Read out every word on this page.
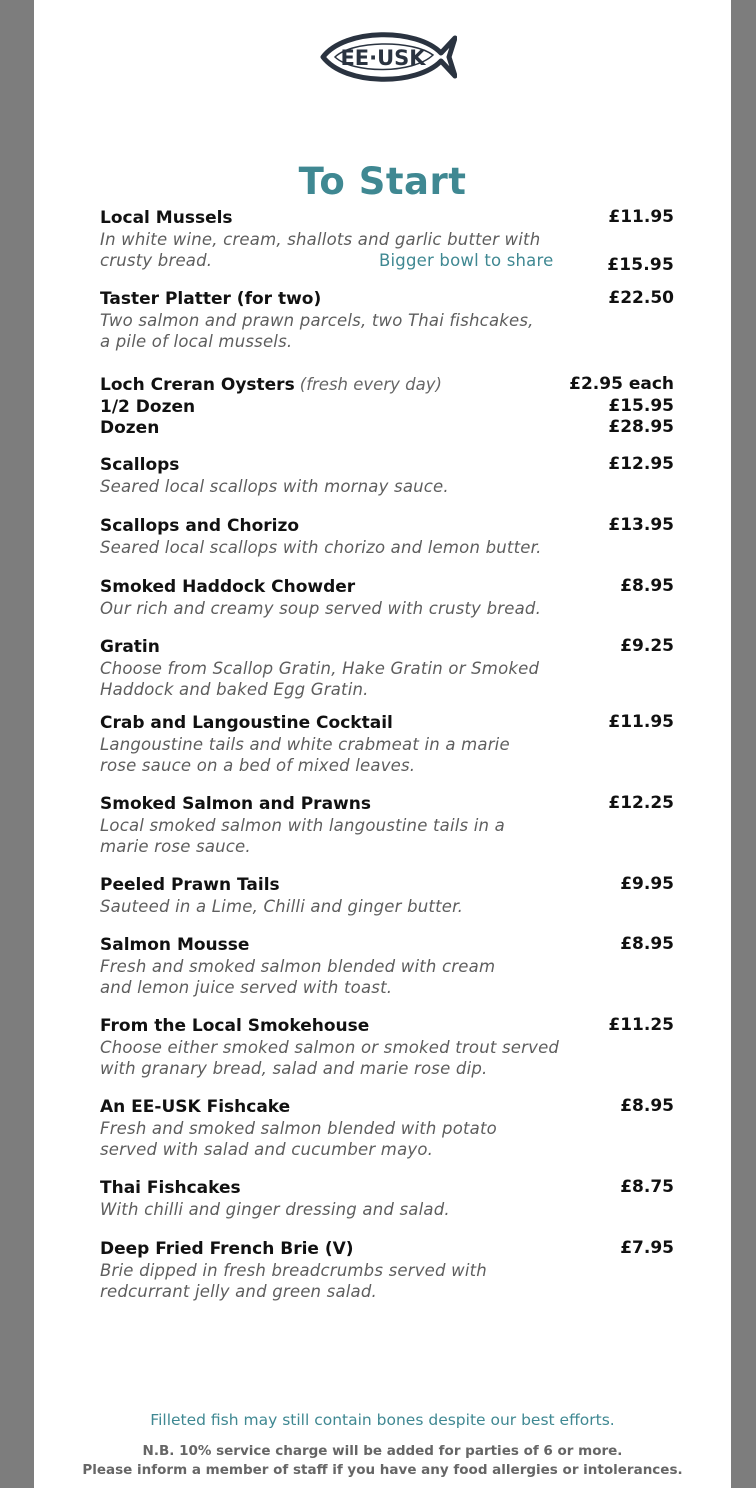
EE·USK
To Start
Local Mussels	£11.95
In white wine, cream, shallots and garlic butter with
crusty bread.	Bigger bowl to share	£15.95
Taster Platter (for two)	£22.50
Two salmon and prawn parcels, two Thai fishcakes,
a pile of local mussels.
Loch Creran Oysters (fresh every day)	£2.95 each
1/2 Dozen	£15.95
Dozen	£28.95
Scallops	£12.95
Seared local scallops with mornay sauce.
Scallops and Chorizo	£13.95
Seared local scallops with chorizo and lemon butter.
Smoked Haddock Chowder	£8.95
Our rich and creamy soup served with crusty bread.
Gratin	£9.25
Choose from Scallop Gratin, Hake Gratin or Smoked
Haddock and baked Egg Gratin.
Crab and Langoustine Cocktail	£11.95
Langoustine tails and white crabmeat in a marie
rose sauce on a bed of mixed leaves.
Smoked Salmon and Prawns	£12.25
Local smoked salmon with langoustine tails in a
marie rose sauce.
Peeled Prawn Tails	£9.95
Sauteed in a Lime, Chilli and ginger butter.
Salmon Mousse	£8.95
Fresh and smoked salmon blended with cream
and lemon juice served with toast.
From the Local Smokehouse	£11.25
Choose either smoked salmon or smoked trout served
with granary bread, salad and marie rose dip.
An EE-USK Fishcake	£8.95
Fresh and smoked salmon blended with potato
served with salad and cucumber mayo.
Thai Fishcakes	£8.75
With chilli and ginger dressing and salad.
Deep Fried French Brie (V)	£7.95
Brie dipped in fresh breadcrumbs served with
redcurrant jelly and green salad.
Filleted fish may still contain bones despite our best efforts.
N.B. 10% service charge will be added for parties of 6 or more.
Please inform a member of staff if you have any food allergies or intolerances.
